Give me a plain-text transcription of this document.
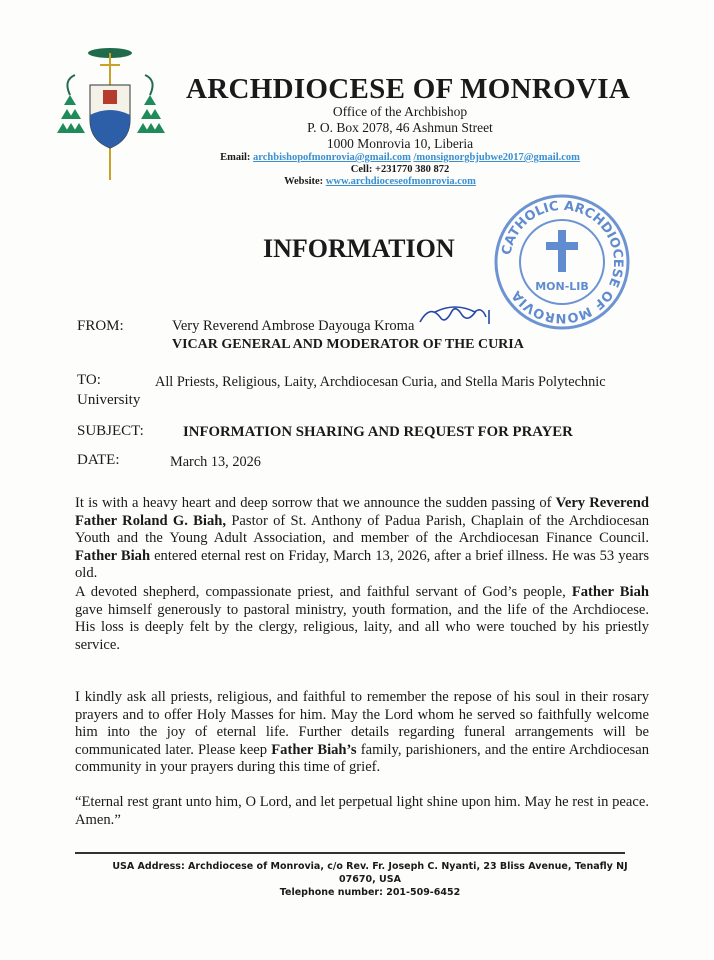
ARCHDIOCESE OF MONROVIA
Office of the Archbishop
P. O. Box 2078, 46 Ashmun Street
1000 Monrovia 10, Liberia
Email: archbishopofmonrovia@gmail.com /monsignorgbjubwe2017@gmail.com
Cell: +231770 380 872
Website: www.archdioceseofmonrovia.com
INFORMATION	CATHOLIC ARCHDIOCESE OF MONROVIA
MON-LIB
FROM:	Very Reverend Ambrose Dayouga Kroma
VICAR GENERAL AND MODERATOR OF THE CURIA
TO:	All Priests, Religious, Laity, Archdiocesan Curia, and Stella Maris Polytechnic
University
SUBJECT:	INFORMATION SHARING AND REQUEST FOR PRAYER
DATE:	March 13, 2026
It is with a heavy heart and deep sorrow that we announce the sudden passing of Very Reverend Father Roland G. Biah, Pastor of St. Anthony of Padua Parish, Chaplain of the Archdiocesan Youth and the Young Adult Association, and member of the Archdiocesan Finance Council. Father Biah entered eternal rest on Friday, March 13, 2026, after a brief illness. He was 53 years old.
A devoted shepherd, compassionate priest, and faithful servant of God’s people, Father Biah gave himself generously to pastoral ministry, youth formation, and the life of the Archdiocese. His loss is deeply felt by the clergy, religious, laity, and all who were touched by his priestly service.
I kindly ask all priests, religious, and faithful to remember the repose of his soul in their rosary prayers and to offer Holy Masses for him. May the Lord whom he served so faithfully welcome him into the joy of eternal life. Further details regarding funeral arrangements will be communicated later. Please keep Father Biah’s family, parishioners, and the entire Archdiocesan community in your prayers during this time of grief.
“Eternal rest grant unto him, O Lord, and let perpetual light shine upon him. May he rest in peace. Amen.”
USA Address: Archdiocese of Monrovia, c/o Rev. Fr. Joseph C. Nyanti, 23 Bliss Avenue, Tenafly NJ 07670, USA
Telephone number: 201-509-6452
